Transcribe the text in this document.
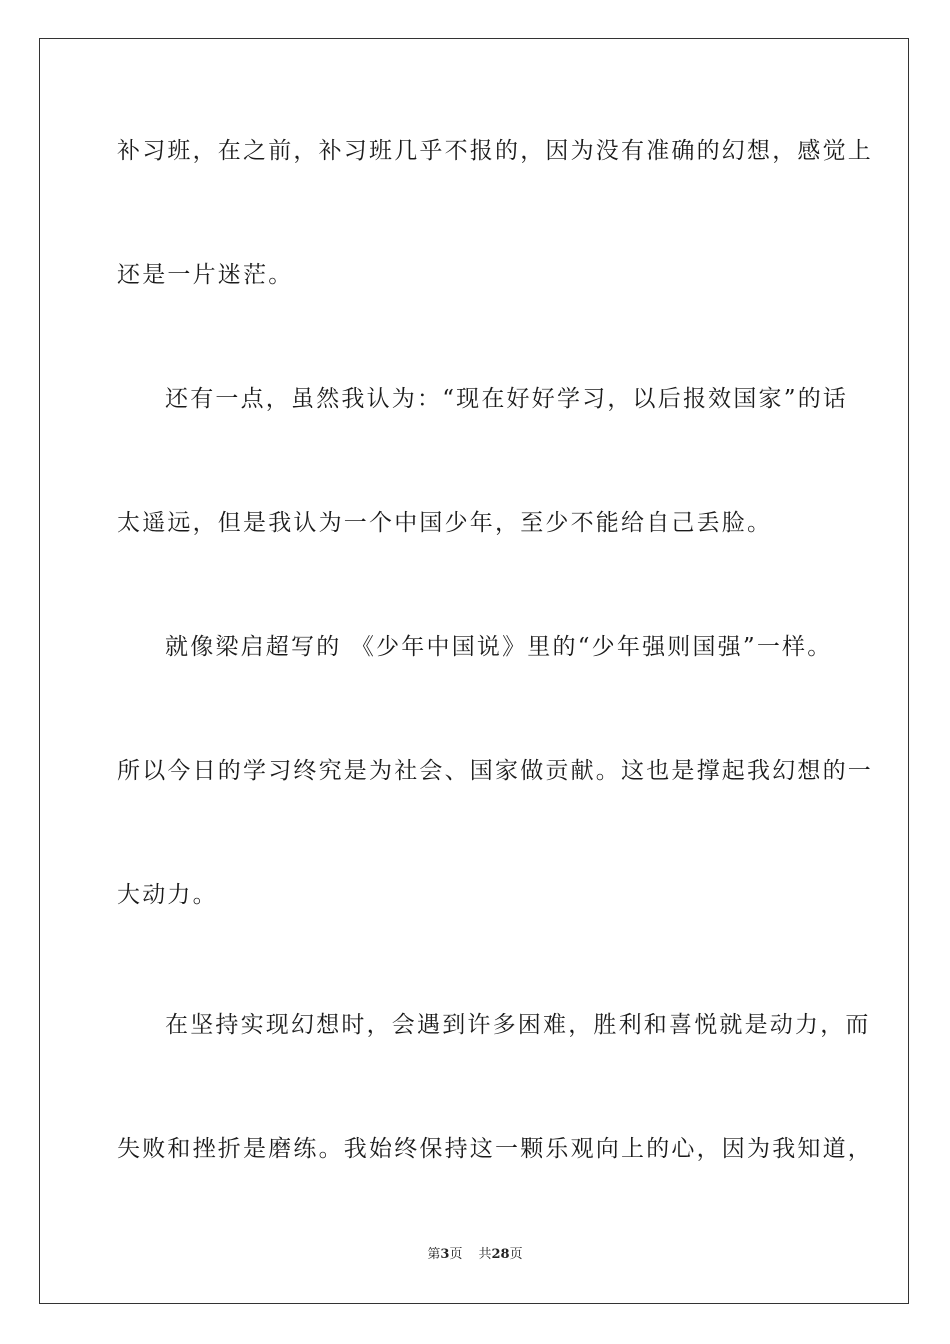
补习班，在之前，补习班几乎不报的，因为没有准确的幻想，感觉上
还是一片迷茫。
还有一点，虽然我认为：“现在好好学习，以后报效国家”的话
太遥远，但是我认为一个中国少年，至少不能给自己丢脸。
就像梁启超写的 《少年中国说》里的“少年强则国强”一样。
所以今日的学习终究是为社会、国家做贡献。这也是撑起我幻想的一
大动力。
在坚持实现幻想时，会遇到许多困难，胜利和喜悦就是动力，而
失败和挫折是磨练。我始终保持这一颗乐观向上的心，因为我知道，
第3页 共28页
